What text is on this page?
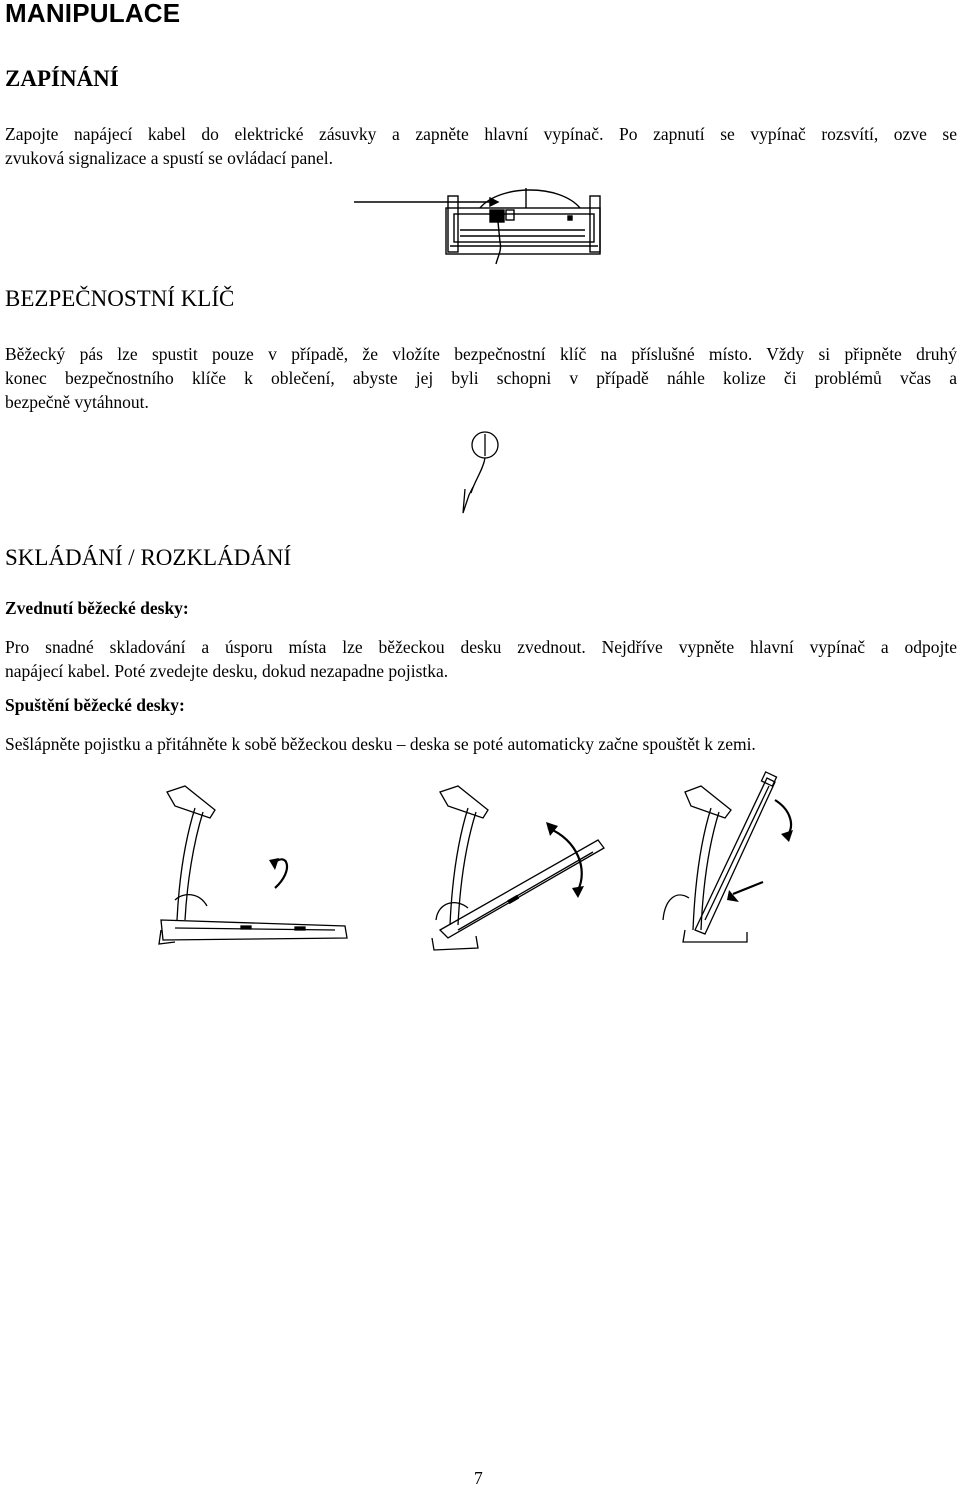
MANIPULACE
ZAPÍNÁNÍ
Zapojte napájecí kabel do elektrické zásuvky a zapněte hlavní vypínač. Po zapnutí se vypínač rozsvítí, ozve se
zvuková signalizace a spustí se ovládací panel.
BEZPEČNOSTNÍ KLÍČ
Běžecký pás lze spustit pouze v případě, že vložíte bezpečnostní klíč na příslušné místo. Vždy si připněte druhý
konec bezpečnostního klíče k oblečení, abyste jej byli schopni v případě náhle kolize či problémů včas a
bezpečně vytáhnout.
SKLÁDÁNÍ / ROZKLÁDÁNÍ
Zvednutí běžecké desky:
Pro snadné skladování a úsporu místa lze běžeckou desku zvednout. Nejdříve vypněte hlavní vypínač a odpojte
napájecí kabel. Poté zvedejte desku, dokud nezapadne pojistka.
Spuštění běžecké desky:
Sešlápněte pojistku a přitáhněte k sobě běžeckou desku – deska se poté automaticky začne spouštět k zemi.
7
